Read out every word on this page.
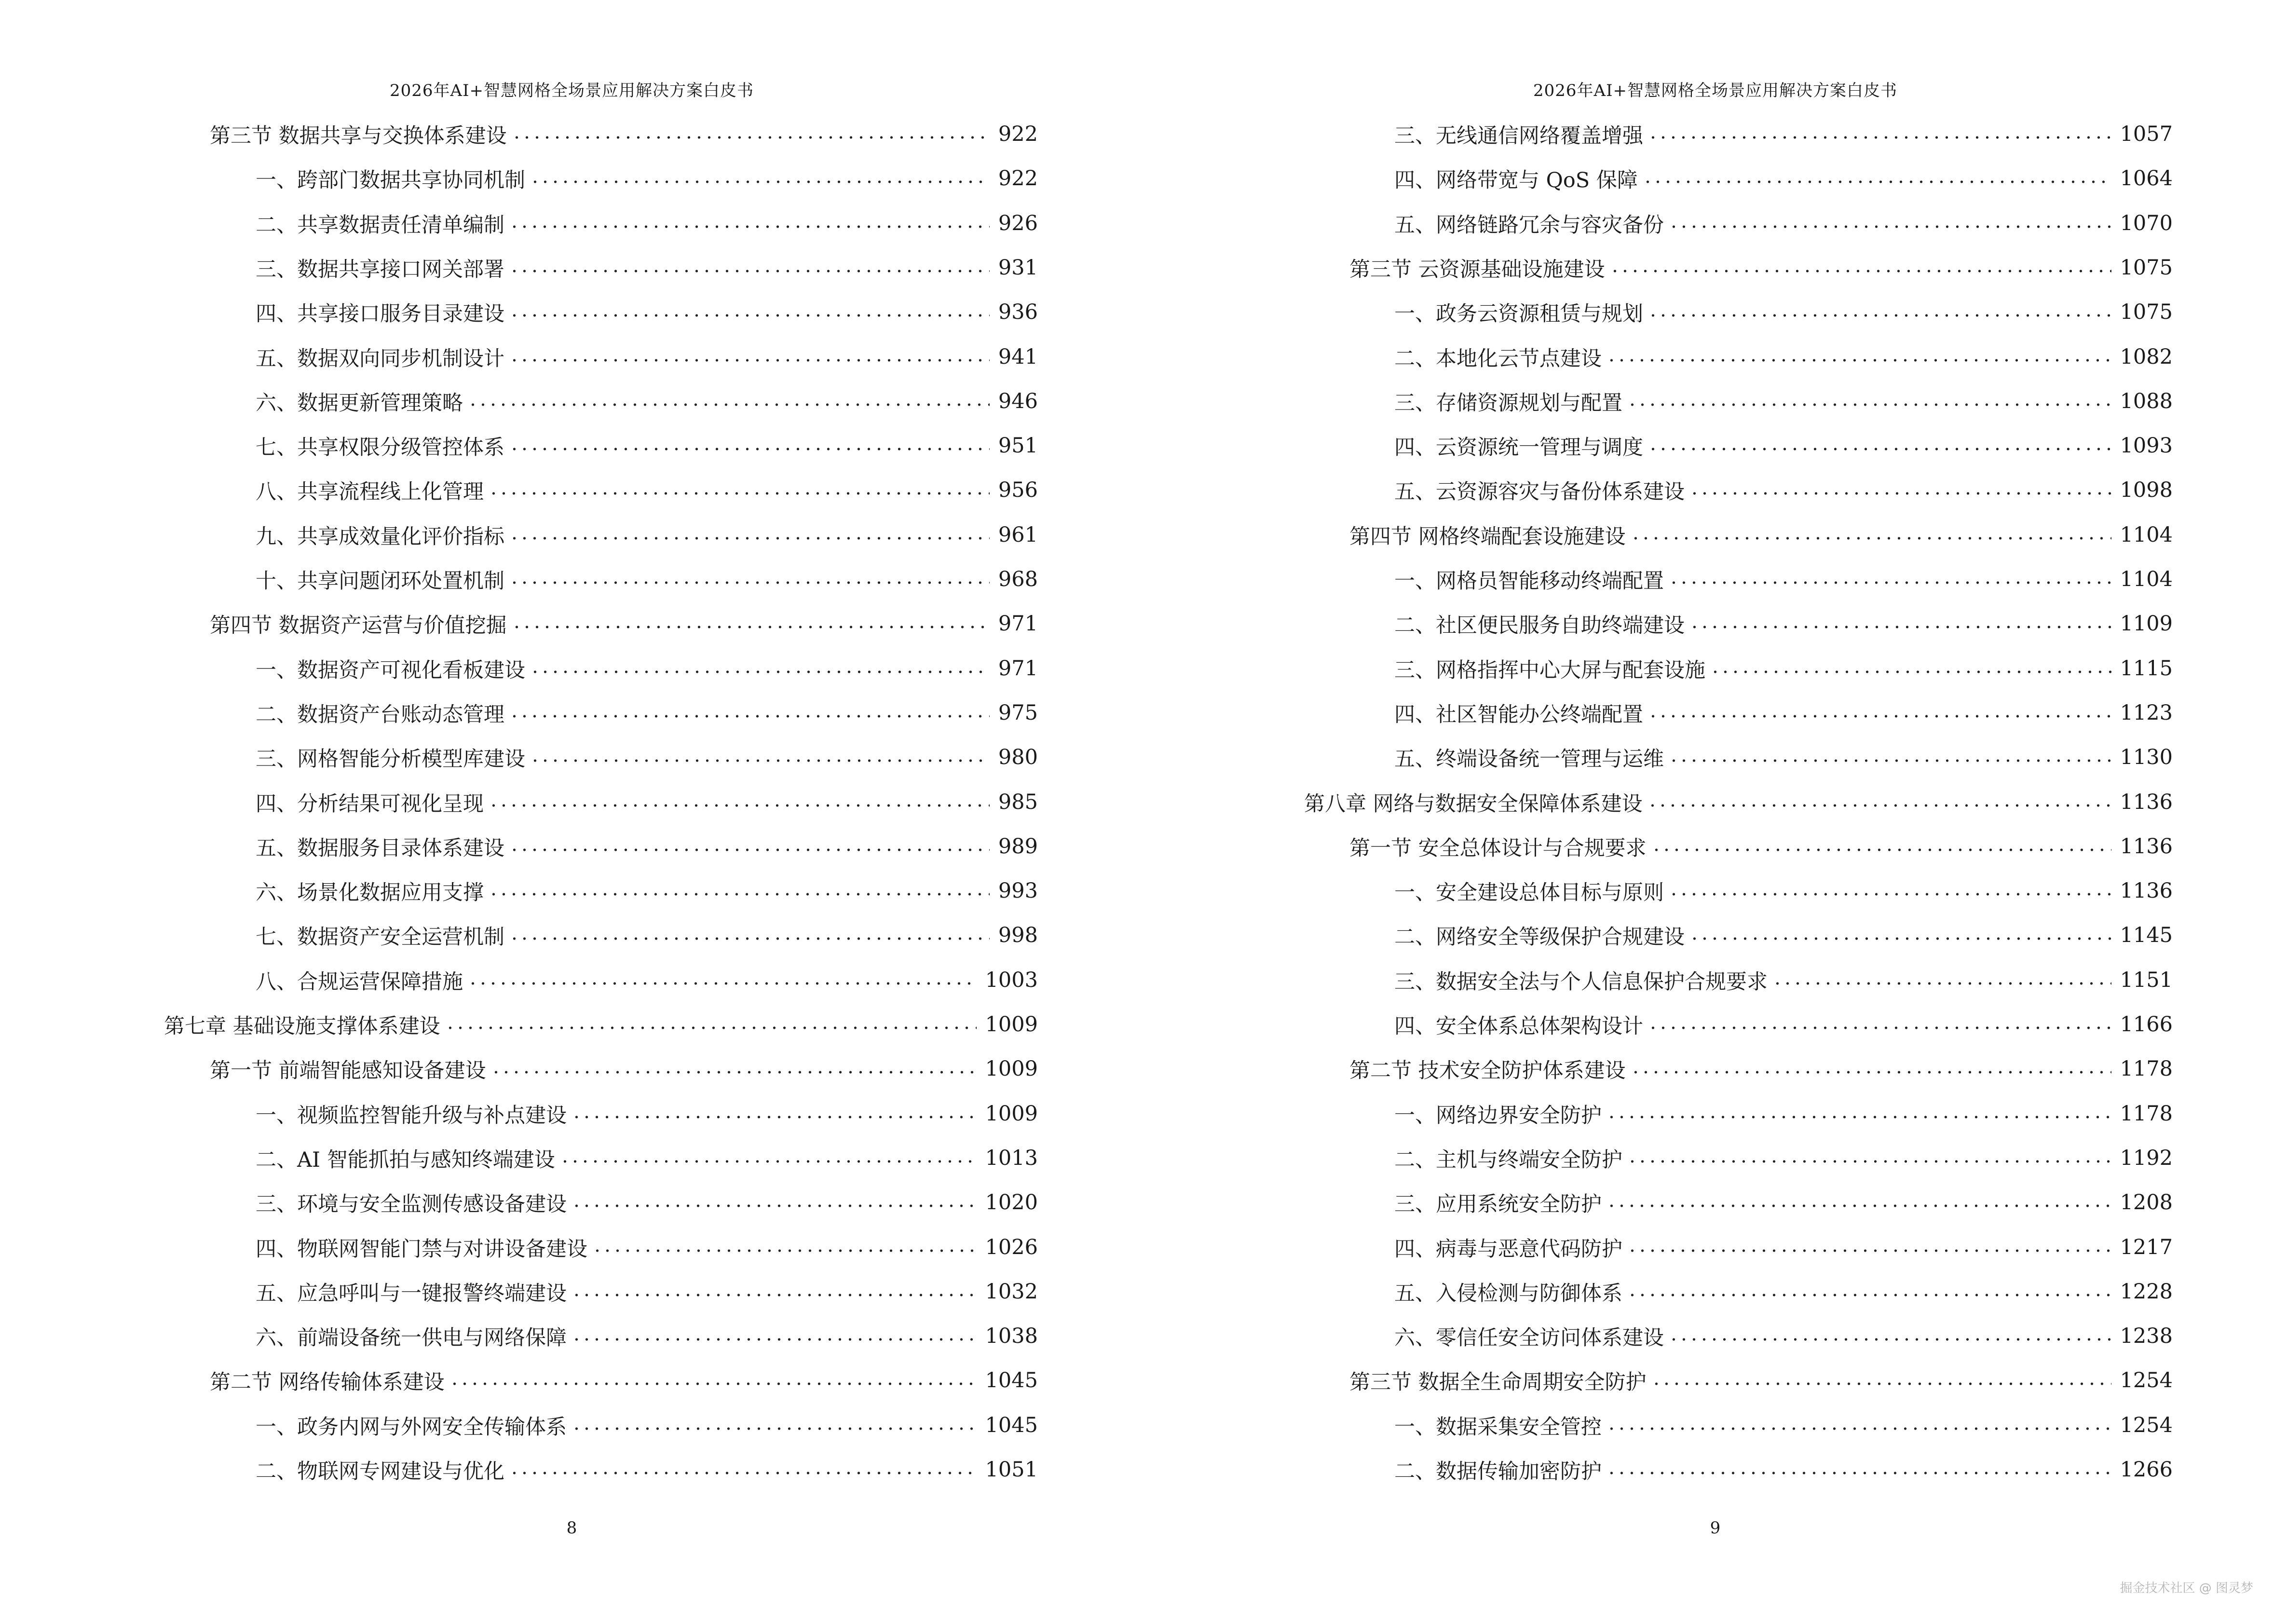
2026年AI+智慧网格全场景应用解决方案白皮书
第三节 数据共享与交换体系建设	922
一、跨部门数据共享协同机制	922
二、共享数据责任清单编制	926
三、数据共享接口网关部署	931
四、共享接口服务目录建设	936
五、数据双向同步机制设计	941
六、数据更新管理策略	946
七、共享权限分级管控体系	951
八、共享流程线上化管理	956
九、共享成效量化评价指标	961
十、共享问题闭环处置机制	968
第四节 数据资产运营与价值挖掘	971
一、数据资产可视化看板建设	971
二、数据资产台账动态管理	975
三、网格智能分析模型库建设	980
四、分析结果可视化呈现	985
五、数据服务目录体系建设	989
六、场景化数据应用支撑	993
七、数据资产安全运营机制	998
八、合规运营保障措施	1003
第七章 基础设施支撑体系建设	1009
第一节 前端智能感知设备建设	1009
一、视频监控智能升级与补点建设	1009
二、AI 智能抓拍与感知终端建设	1013
三、环境与安全监测传感设备建设	1020
四、物联网智能门禁与对讲设备建设	1026
五、应急呼叫与一键报警终端建设	1032
六、前端设备统一供电与网络保障	1038
第二节 网络传输体系建设	1045
一、政务内网与外网安全传输体系	1045
二、物联网专网建设与优化	1051
8
2026年AI+智慧网格全场景应用解决方案白皮书
三、无线通信网络覆盖增强	1057
四、网络带宽与 QoS 保障	1064
五、网络链路冗余与容灾备份	1070
第三节 云资源基础设施建设	1075
一、政务云资源租赁与规划	1075
二、本地化云节点建设	1082
三、存储资源规划与配置	1088
四、云资源统一管理与调度	1093
五、云资源容灾与备份体系建设	1098
第四节 网格终端配套设施建设	1104
一、网格员智能移动终端配置	1104
二、社区便民服务自助终端建设	1109
三、网格指挥中心大屏与配套设施	1115
四、社区智能办公终端配置	1123
五、终端设备统一管理与运维	1130
第八章 网络与数据安全保障体系建设	1136
第一节 安全总体设计与合规要求	1136
一、安全建设总体目标与原则	1136
二、网络安全等级保护合规建设	1145
三、数据安全法与个人信息保护合规要求	1151
四、安全体系总体架构设计	1166
第二节 技术安全防护体系建设	1178
一、网络边界安全防护	1178
二、主机与终端安全防护	1192
三、应用系统安全防护	1208
四、病毒与恶意代码防护	1217
五、入侵检测与防御体系	1228
六、零信任安全访问体系建设	1238
第三节 数据全生命周期安全防护	1254
一、数据采集安全管控	1254
二、数据传输加密防护	1266
9
掘金技术社区 @ 图灵梦
